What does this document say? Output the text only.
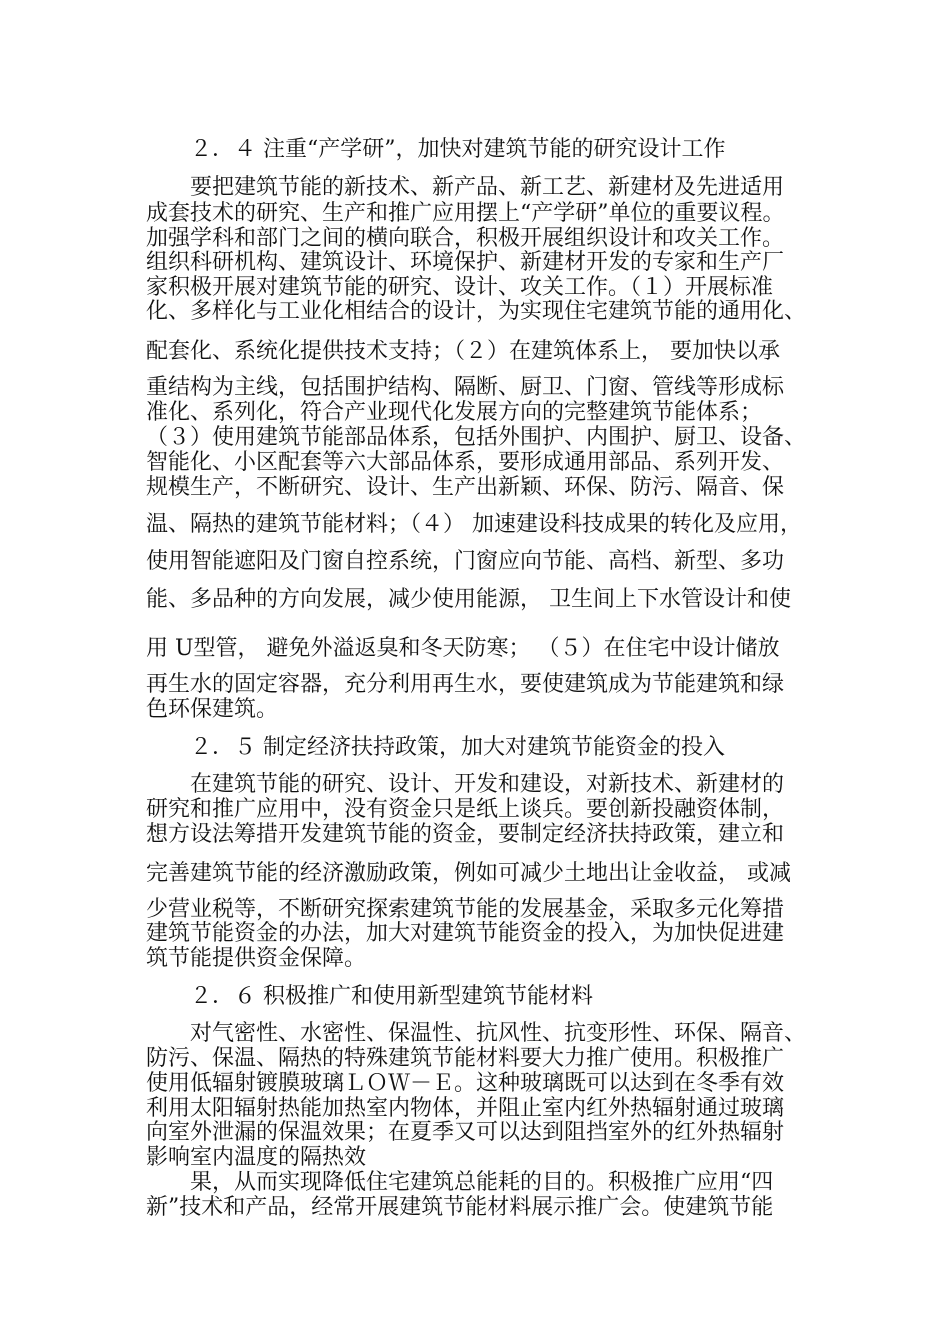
２．４ 注重“产学研”，加快对建筑节能的研究设计工作
要把建筑节能的新技术、新产品、新工艺、新建材及先进适用
成套技术的研究、生产和推广应用摆上“产学研”单位的重要议程。
加强学科和部门之间的横向联合，积极开展组织设计和攻关工作。
组织科研机构、建筑设计、环境保护、新建材开发的专家和生产厂
家积极开展对建筑节能的研究、设计、攻关工作。（１）开展标准
化、多样化与工业化相结合的设计，为实现住宅建筑节能的通用化、
配套化、系统化提供技术支持；（２）在建筑体系上， 要加快以承
重结构为主线，包括围护结构、隔断、厨卫、门窗、管线等形成标
准化、系列化，符合产业现代化发展方向的完整建筑节能体系；
（３）使用建筑节能部品体系，包括外围护、内围护、厨卫、设备、
智能化、小区配套等六大部品体系，要形成通用部品、系列开发、
规模生产，不断研究、设计、生产出新颖、环保、防污、隔音、保
温、隔热的建筑节能材料；（４） 加速建设科技成果的转化及应用，
使用智能遮阳及门窗自控系统，门窗应向节能、高档、新型、多功
能、多品种的方向发展，减少使用能源， 卫生间上下水管设计和使
用 U型管， 避免外溢返臭和冬天防寒； （５）在住宅中设计储放
再生水的固定容器，充分利用再生水，要使建筑成为节能建筑和绿
色环保建筑。
２．５ 制定经济扶持政策，加大对建筑节能资金的投入
在建筑节能的研究、设计、开发和建设，对新技术、新建材的
研究和推广应用中，没有资金只是纸上谈兵。要创新投融资体制，
想方设法筹措开发建筑节能的资金，要制定经济扶持政策，建立和
完善建筑节能的经济激励政策，例如可减少土地出让金收益， 或减
少营业税等，不断研究探索建筑节能的发展基金，采取多元化筹措
建筑节能资金的办法，加大对建筑节能资金的投入，为加快促进建
筑节能提供资金保障。
２．６ 积极推广和使用新型建筑节能材料
对气密性、水密性、保温性、抗风性、抗变形性、环保、隔音、
防污、保温、隔热的特殊建筑节能材料要大力推广使用。积极推广
使用低辐射镀膜玻璃ＬＯＷ－Ｅ。这种玻璃既可以达到在冬季有效
利用太阳辐射热能加热室内物体，并阻止室内红外热辐射通过玻璃
向室外泄漏的保温效果；在夏季又可以达到阻挡室外的红外热辐射
影响室内温度的隔热效
果，从而实现降低住宅建筑总能耗的目的。积极推广应用“四
新”技术和产品，经常开展建筑节能材料展示推广会。使建筑节能
